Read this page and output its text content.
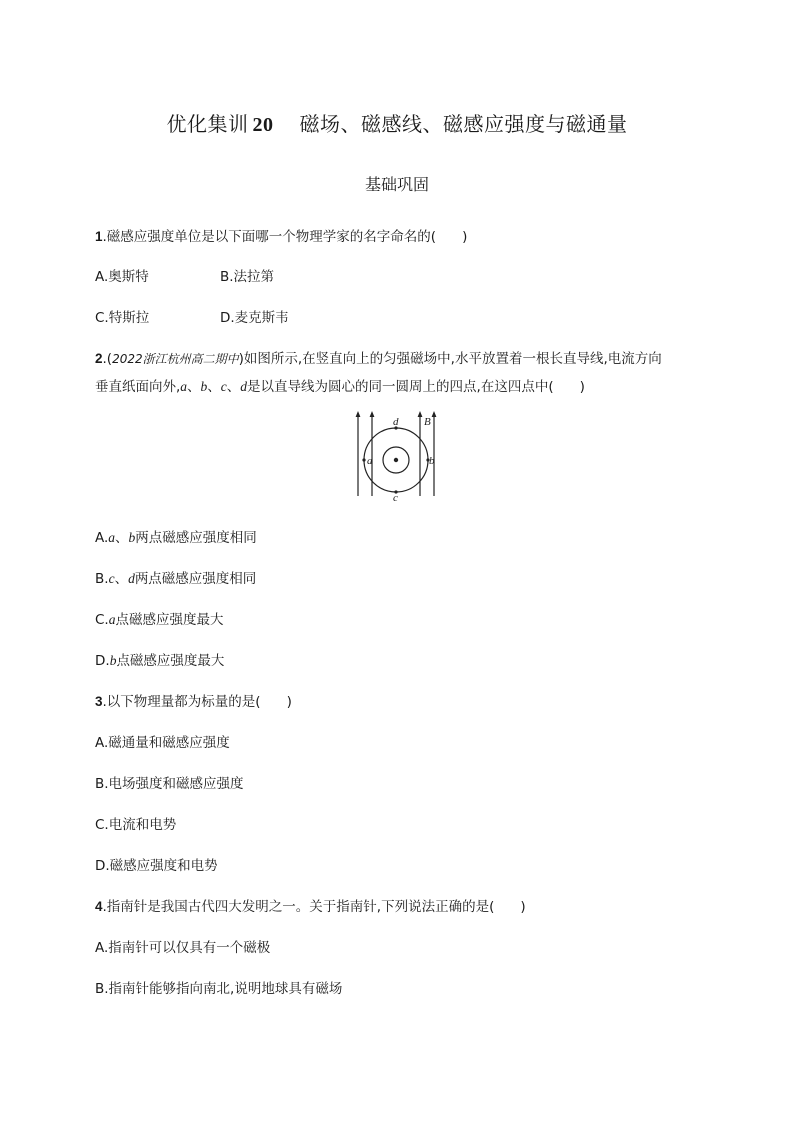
优化集训 20 磁场、磁感线、磁感应强度与磁通量
基础巩固
1.磁感应强度单位是以下面哪一个物理学家的名字命名的( )
A.奥斯特	B.法拉第
C.特斯拉	D.麦克斯韦
2.(2022浙江杭州高二期中)如图所示,在竖直向上的匀强磁场中,水平放置着一根长直导线,电流方向
垂直纸面向外,a、b、c、d是以直导线为圆心的同一圆周上的四点,在这四点中( )
a	b
c
d B
A.a、b两点磁感应强度相同
B.c、d两点磁感应强度相同
C.a点磁感应强度最大
D.b点磁感应强度最大
3.以下物理量都为标量的是( )
A.磁通量和磁感应强度
B.电场强度和磁感应强度
C.电流和电势
D.磁感应强度和电势
4.指南针是我国古代四大发明之一。关于指南针,下列说法正确的是( )
A.指南针可以仅具有一个磁极
B.指南针能够指向南北,说明地球具有磁场
